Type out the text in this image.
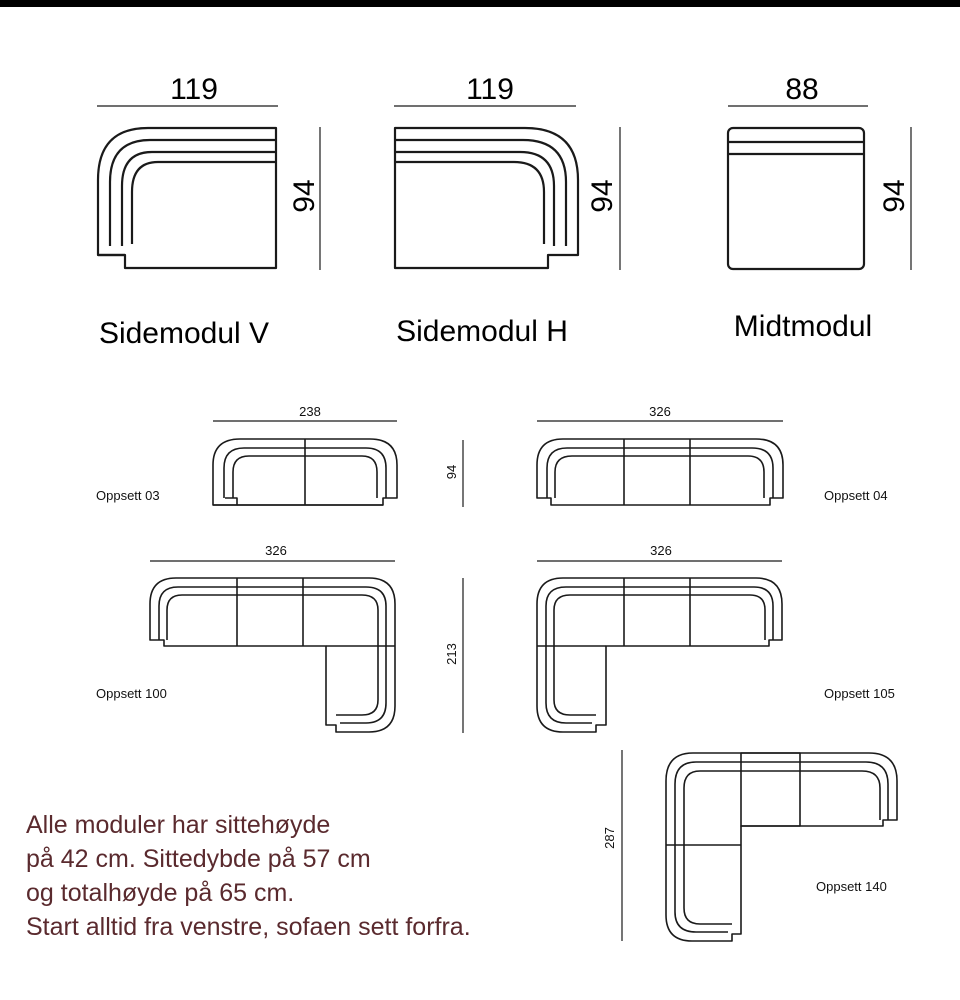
119
94
Sidemodul V
119
94
Sidemodul H
88
94
Midtmodul
238
Oppsett 03
94
326
Oppsett 04
326
Oppsett 100
213
326
Oppsett 105
287
Oppsett 140
Alle moduler har sittehøyde
på 42 cm. Sittedybde på 57 cm
og totalhøyde på 65 cm.
Start alltid fra venstre, sofaen sett forfra.
